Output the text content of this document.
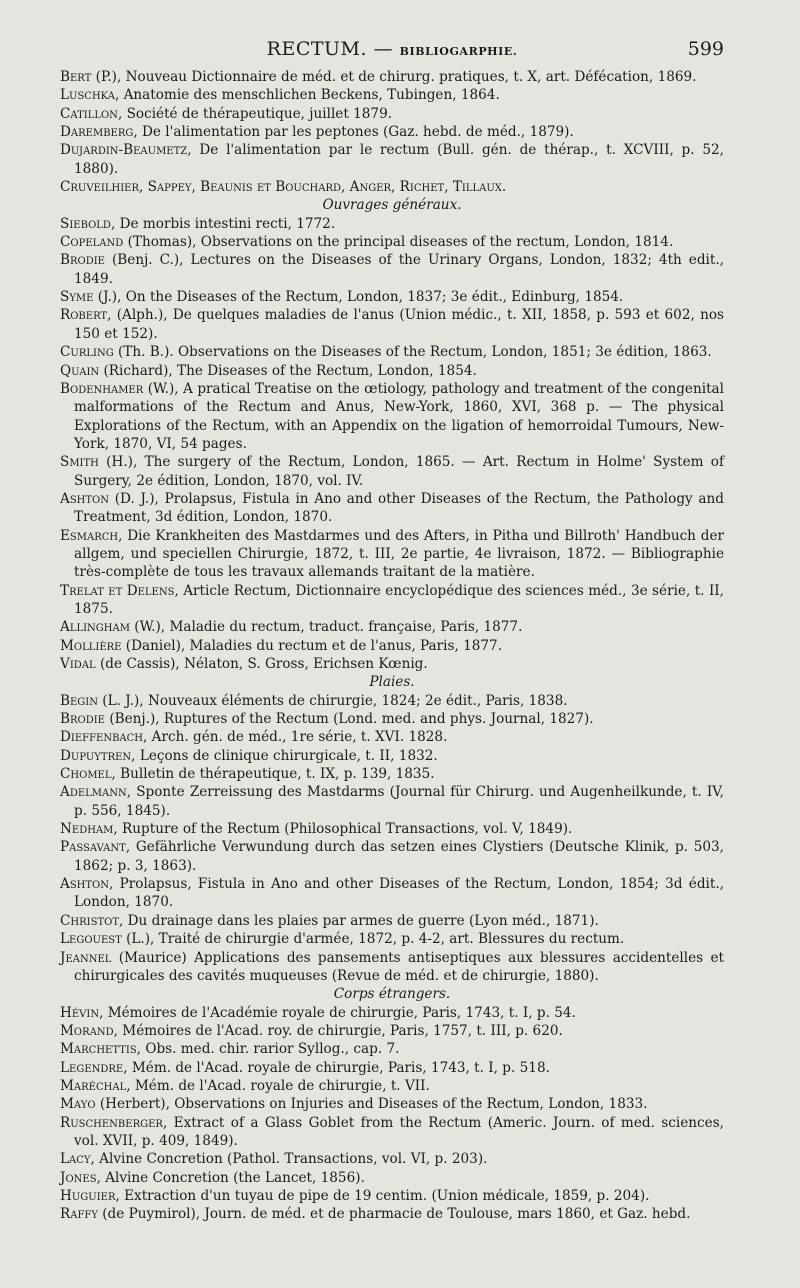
RECTUM. — BIBLIOGARPHIE.	599
Bert (P.), Nouveau Dictionnaire de méd. et de chirurg. pratiques, t. X, art. Défécation, 1869.
Luschka, Anatomie des menschlichen Beckens, Tubingen, 1864.
Catillon, Société de thérapeutique, juillet 1879.
Daremberg, De l'alimentation par les peptones (Gaz. hebd. de méd., 1879).
Dujardin-Beaumetz, De l'alimentation par le rectum (Bull. gén. de thérap., t. XCVIII, p. 52, 1880).
Cruveilhier, Sappey, Beaunis et Bouchard, Anger, Richet, Tillaux.
Ouvrages généraux.
Siebold, De morbis intestini recti, 1772.
Copeland (Thomas), Observations on the principal diseases of the rectum, London, 1814.
Brodie (Benj. C.), Lectures on the Diseases of the Urinary Organs, London, 1832; 4th edit., 1849.
Syme (J.), On the Diseases of the Rectum, London, 1837; 3e édit., Edinburg, 1854.
Robert, (Alph.), De quelques maladies de l'anus (Union médic., t. XII, 1858, p. 593 et 602, nos 150 et 152).
Curling (Th. B.). Observations on the Diseases of the Rectum, London, 1851; 3e édition, 1863.
Quain (Richard), The Diseases of the Rectum, London, 1854.
Bodenhamer (W.), A pratical Treatise on the œtiology, pathology and treatment of the congenital malformations of the Rectum and Anus, New-York, 1860, XVI, 368 p. — The physical Explorations of the Rectum, with an Appendix on the ligation of hemorroidal Tumours, New-York, 1870, VI, 54 pages.
Smith (H.), The surgery of the Rectum, London, 1865. — Art. Rectum in Holme' System of Surgery, 2e édition, London, 1870, vol. IV.
Ashton (D. J.), Prolapsus, Fistula in Ano and other Diseases of the Rectum, the Pathology and Treatment, 3d édition, London, 1870.
Esmarch, Die Krankheiten des Mastdarmes und des Afters, in Pitha und Billroth' Handbuch der allgem, und speciellen Chirurgie, 1872, t. III, 2e partie, 4e livraison, 1872. — Bibliographie très-complète de tous les travaux allemands traitant de la matière.
Trelat et Delens, Article Rectum, Dictionnaire encyclopédique des sciences méd., 3e série, t. II, 1875.
Allingham (W.), Maladie du rectum, traduct. française, Paris, 1877.
Mollière (Daniel), Maladies du rectum et de l'anus, Paris, 1877.
Vidal (de Cassis), Nélaton, S. Gross, Erichsen Kœnig.
Plaies.
Begin (L. J.), Nouveaux éléments de chirurgie, 1824; 2e édit., Paris, 1838.
Brodie (Benj.), Ruptures of the Rectum (Lond. med. and phys. Journal, 1827).
Dieffenbach, Arch. gén. de méd., 1re série, t. XVI. 1828.
Dupuytren, Leçons de clinique chirurgicale, t. II, 1832.
Chomel, Bulletin de thérapeutique, t. IX, p. 139, 1835.
Adelmann, Sponte Zerreissung des Mastdarms (Journal für Chirurg. und Augenheilkunde, t. IV, p. 556, 1845).
Nedham, Rupture of the Rectum (Philosophical Transactions, vol. V, 1849).
Passavant, Gefährliche Verwundung durch das setzen eines Clystiers (Deutsche Klinik, p. 503, 1862; p. 3, 1863).
Ashton, Prolapsus, Fistula in Ano and other Diseases of the Rectum, London, 1854; 3d édit., London, 1870.
Christot, Du drainage dans les plaies par armes de guerre (Lyon méd., 1871).
Legouest (L.), Traité de chirurgie d'armée, 1872, p. 4-2, art. Blessures du rectum.
Jeannel (Maurice) Applications des pansements antiseptiques aux blessures accidentelles et chirurgicales des cavités muqueuses (Revue de méd. et de chirurgie, 1880).
Corps étrangers.
Hévin, Mémoires de l'Académie royale de chirurgie, Paris, 1743, t. I, p. 54.
Morand, Mémoires de l'Acad. roy. de chirurgie, Paris, 1757, t. III, p. 620.
Marchettis, Obs. med. chir. rarior Syllog., cap. 7.
Legendre, Mém. de l'Acad. royale de chirurgie, Paris, 1743, t. I, p. 518.
Maréchal, Mém. de l'Acad. royale de chirurgie, t. VII.
Mayo (Herbert), Observations on Injuries and Diseases of the Rectum, London, 1833.
Ruschenberger, Extract of a Glass Goblet from the Rectum (Americ. Journ. of med. sciences, vol. XVII, p. 409, 1849).
Lacy, Alvine Concretion (Pathol. Transactions, vol. VI, p. 203).
Jones, Alvine Concretion (the Lancet, 1856).
Huguier, Extraction d'un tuyau de pipe de 19 centim. (Union médicale, 1859, p. 204).
Raffy (de Puymirol), Journ. de méd. et de pharmacie de Toulouse, mars 1860, et Gaz. hebd.
